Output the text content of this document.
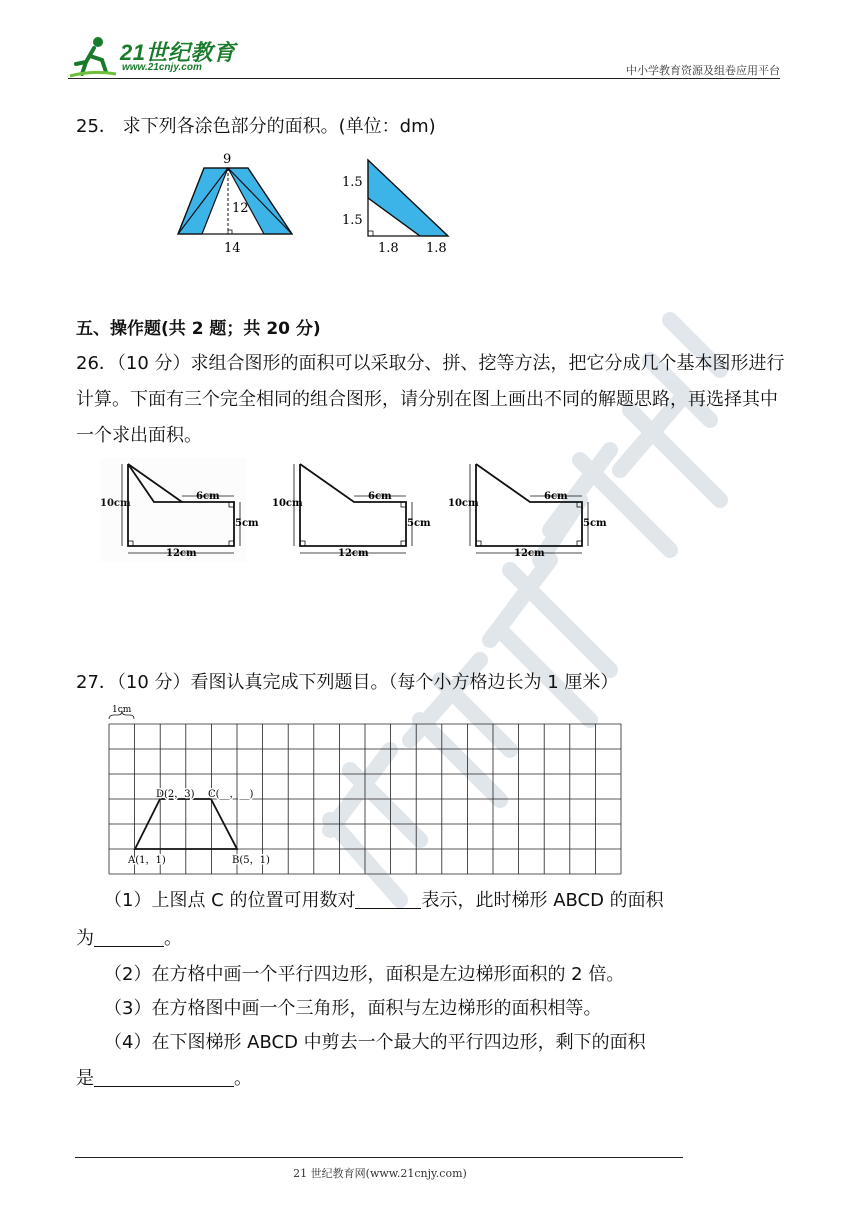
21世纪教育
www.21cnjy.com	中小学教育资源及组卷应用平台
25． 求下列各涂色部分的面积。(单位：dm)
9
12
14
1.5
1.5
1.8 1.8
五、操作题(共 2 题；共 20 分)
26．（10 分）求组合图形的面积可以采取分、拼、挖等方法，把它分成几个基本图形进行计算。下面有三个完全相同的组合图形，请分别在图上画出不同的解题思路，再选择其中一个求出面积。
10cm
6cm
5cm
12cm
10cm
6cm
5cm
12cm
10cm
6cm
5cm
12cm
27．（10 分）看图认真完成下列题目。（每个小方格边长为 1 厘米）
1cm
A(1，1)	B(5，1)
D(2，3) C(__，__)
（1）上图点 C 的位置可用数对	表示，此时梯形 ABCD 的面积
为	。
（2）在方格中画一个平行四边形，面积是左边梯形面积的 2 倍。
（3）在方格图中画一个三角形，面积与左边梯形的面积相等。
（4）在下图梯形 ABCD 中剪去一个最大的平行四边形，剩下的面积
是	。
21 世纪教育网(www.21cnjy.com)
